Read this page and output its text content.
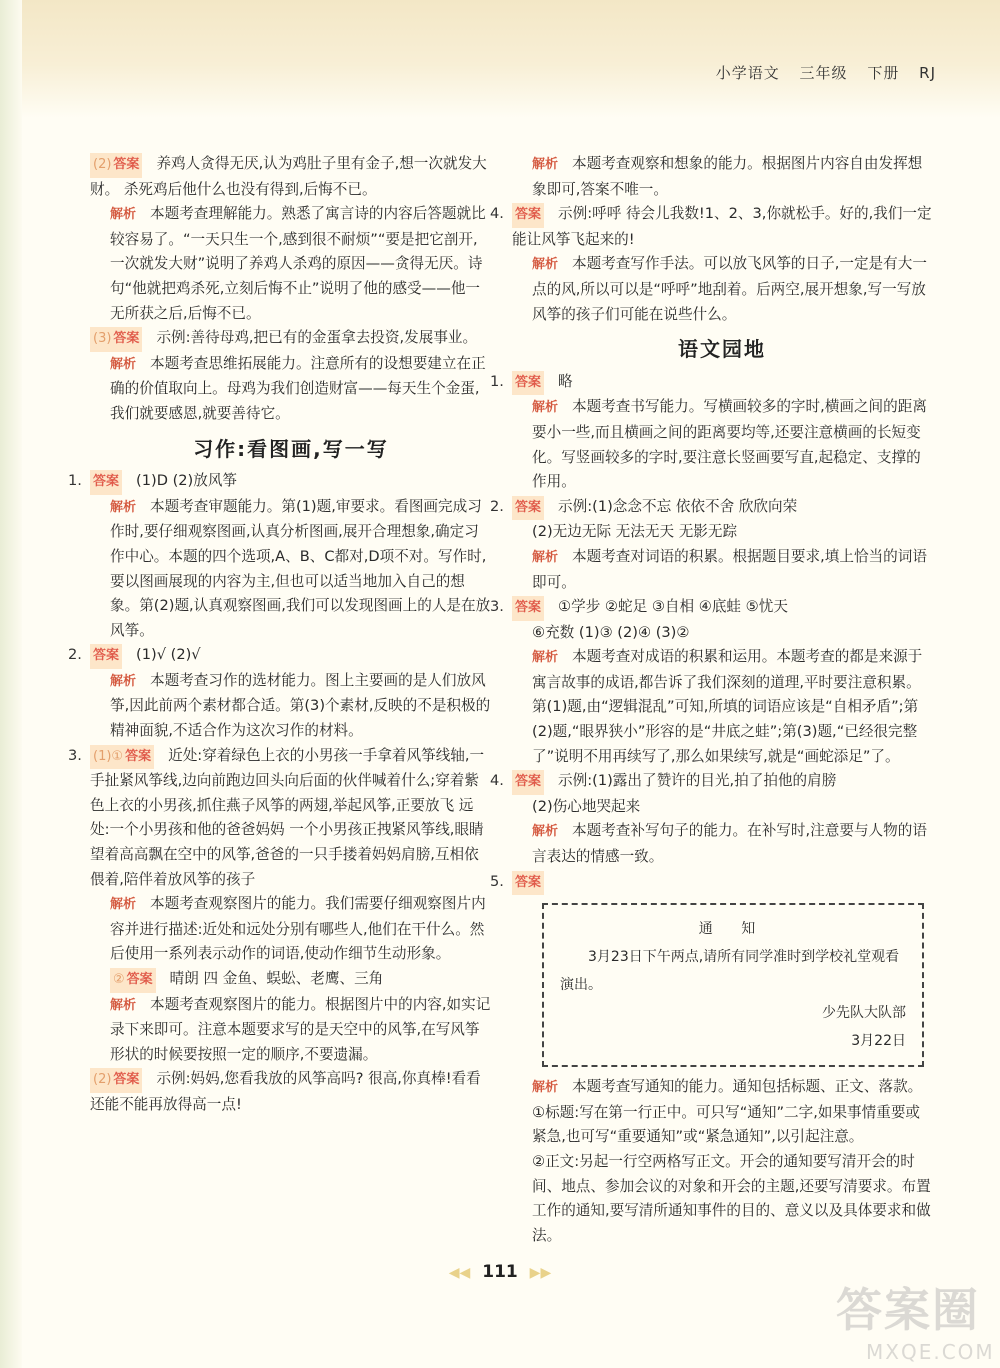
小学语文 三年级 下册 RJ

(2) 答案 养鸡人贪得无厌,认为鸡肚子里有金子,想一次就发大财。 杀死鸡后他什么也没有得到,后悔不已。

解析 本题考查理解能力。熟悉了寓言诗的内容后答题就比较容易了。“一天只生一个,感到很不耐烦”“要是把它剖开,一次就发大财”说明了养鸡人杀鸡的原因——贪得无厌。诗句“他就把鸡杀死,立刻后悔不止”说明了他的感受——他一无所获之后,后悔不已。

(3) 答案 示例:善待母鸡,把已有的金蛋拿去投资,发展事业。

解析 本题考查思维拓展能力。注意所有的设想要建立在正确的价值取向上。母鸡为我们创造财富——每天生个金蛋,我们就要感恩,就要善待它。

习作:看图画,写一写
1. 答案 (1)D (2)放风筝

解析 本题考查审题能力。第(1)题,审要求。看图画完成习作时,要仔细观察图画,认真分析图画,展开合理想象,确定习作中心。本题的四个选项,A、B、C都对,D项不对。写作时,要以图画展现的内容为主,但也可以适当地加入自己的想象。第(2)题,认真观察图画,我们可以发现图画上的人是在放风筝。

2. 答案 (1)√ (2)√

解析 本题考查习作的选材能力。图上主要画的是人们放风筝,因此前两个素材都合适。第(3)个素材,反映的不是积极的精神面貌,不适合作为这次习作的材料。

3. (1)① 答案 近处:穿着绿色上衣的小男孩一手拿着风筝线轴,一手扯紧风筝线,边向前跑边回头向后面的伙伴喊着什么;穿着紫色上衣的小男孩,抓住燕子风筝的两翅,举起风筝,正要放飞 远处:一个小男孩和他的爸爸妈妈 一个小男孩正拽紧风筝线,眼睛望着高高飘在空中的风筝,爸爸的一只手搂着妈妈肩膀,互相依偎着,陪伴着放风筝的孩子

解析 本题考查观察图片的能力。我们需要仔细观察图片内容并进行描述:近处和远处分别有哪些人,他们在干什么。然后使用一系列表示动作的词语,使动作细节生动形象。

② 答案 晴朗 四 金鱼、蜈蚣、老鹰、三角

解析 本题考查观察图片的能力。根据图片中的内容,如实记录下来即可。注意本题要求写的是天空中的风筝,在写风筝形状的时候要按照一定的顺序,不要遗漏。

(2) 答案 示例:妈妈,您看我放的风筝高吗? 很高,你真棒!看看还能不能再放得高一点!

解析 本题考查观察和想象的能力。根据图片内容自由发挥想象即可,答案不唯一。

4. 答案 示例:呼呼 待会儿我数!1、2、3,你就松手。好的,我们一定能让风筝飞起来的!

解析 本题考查写作手法。可以放飞风筝的日子,一定是有大一点的风,所以可以是“呼呼”地刮着。后两空,展开想象,写一写放风筝的孩子们可能在说些什么。

语文园地
1. 答案 略

解析 本题考查书写能力。写横画较多的字时,横画之间的距离要小一些,而且横画之间的距离要均等,还要注意横画的长短变化。写竖画较多的字时,要注意长竖画要写直,起稳定、支撑的作用。

2. 答案 示例:(1)念念不忘 依依不舍 欣欣向荣

(2)无边无际 无法无天 无影无踪

解析 本题考查对词语的积累。根据题目要求,填上恰当的词语即可。

3. 答案 ①学步 ②蛇足 ③自相 ④底蛙 ⑤忧天

⑥充数 (1)③ (2)④ (3)②

解析 本题考查对成语的积累和运用。本题考查的都是来源于寓言故事的成语,都告诉了我们深刻的道理,平时要注意积累。第(1)题,由“逻辑混乱”可知,所填的词语应该是“自相矛盾”;第(2)题,“眼界狭小”形容的是“井底之蛙”;第(3)题,“已经很完整了”说明不用再续写了,那么如果续写,就是“画蛇添足”了。

4. 答案 示例:(1)露出了赞许的目光,拍了拍他的肩膀

(2)伤心地哭起来

解析 本题考查补写句子的能力。在补写时,注意要与人物的语言表达的情感一致。

5. 答案

通 知
3月23日下午两点,请所有同学准时到学校礼堂观看演出。
少先队大队部
3月22日

解析 本题考查写通知的能力。通知包括标题、正文、落款。

①标题:写在第一行正中。可只写“通知”二字,如果事情重要或紧急,也可写“重要通知”或“紧急通知”,以引起注意。

②正文:另起一行空两格写正文。开会的通知要写清开会的时间、地点、参加会议的对象和开会的主题,还要写清要求。布置工作的通知,要写清所通知事件的目的、意义以及具体要求和做法。

◀◀ 111 ▶▶
答案圈
MXQE.COM
